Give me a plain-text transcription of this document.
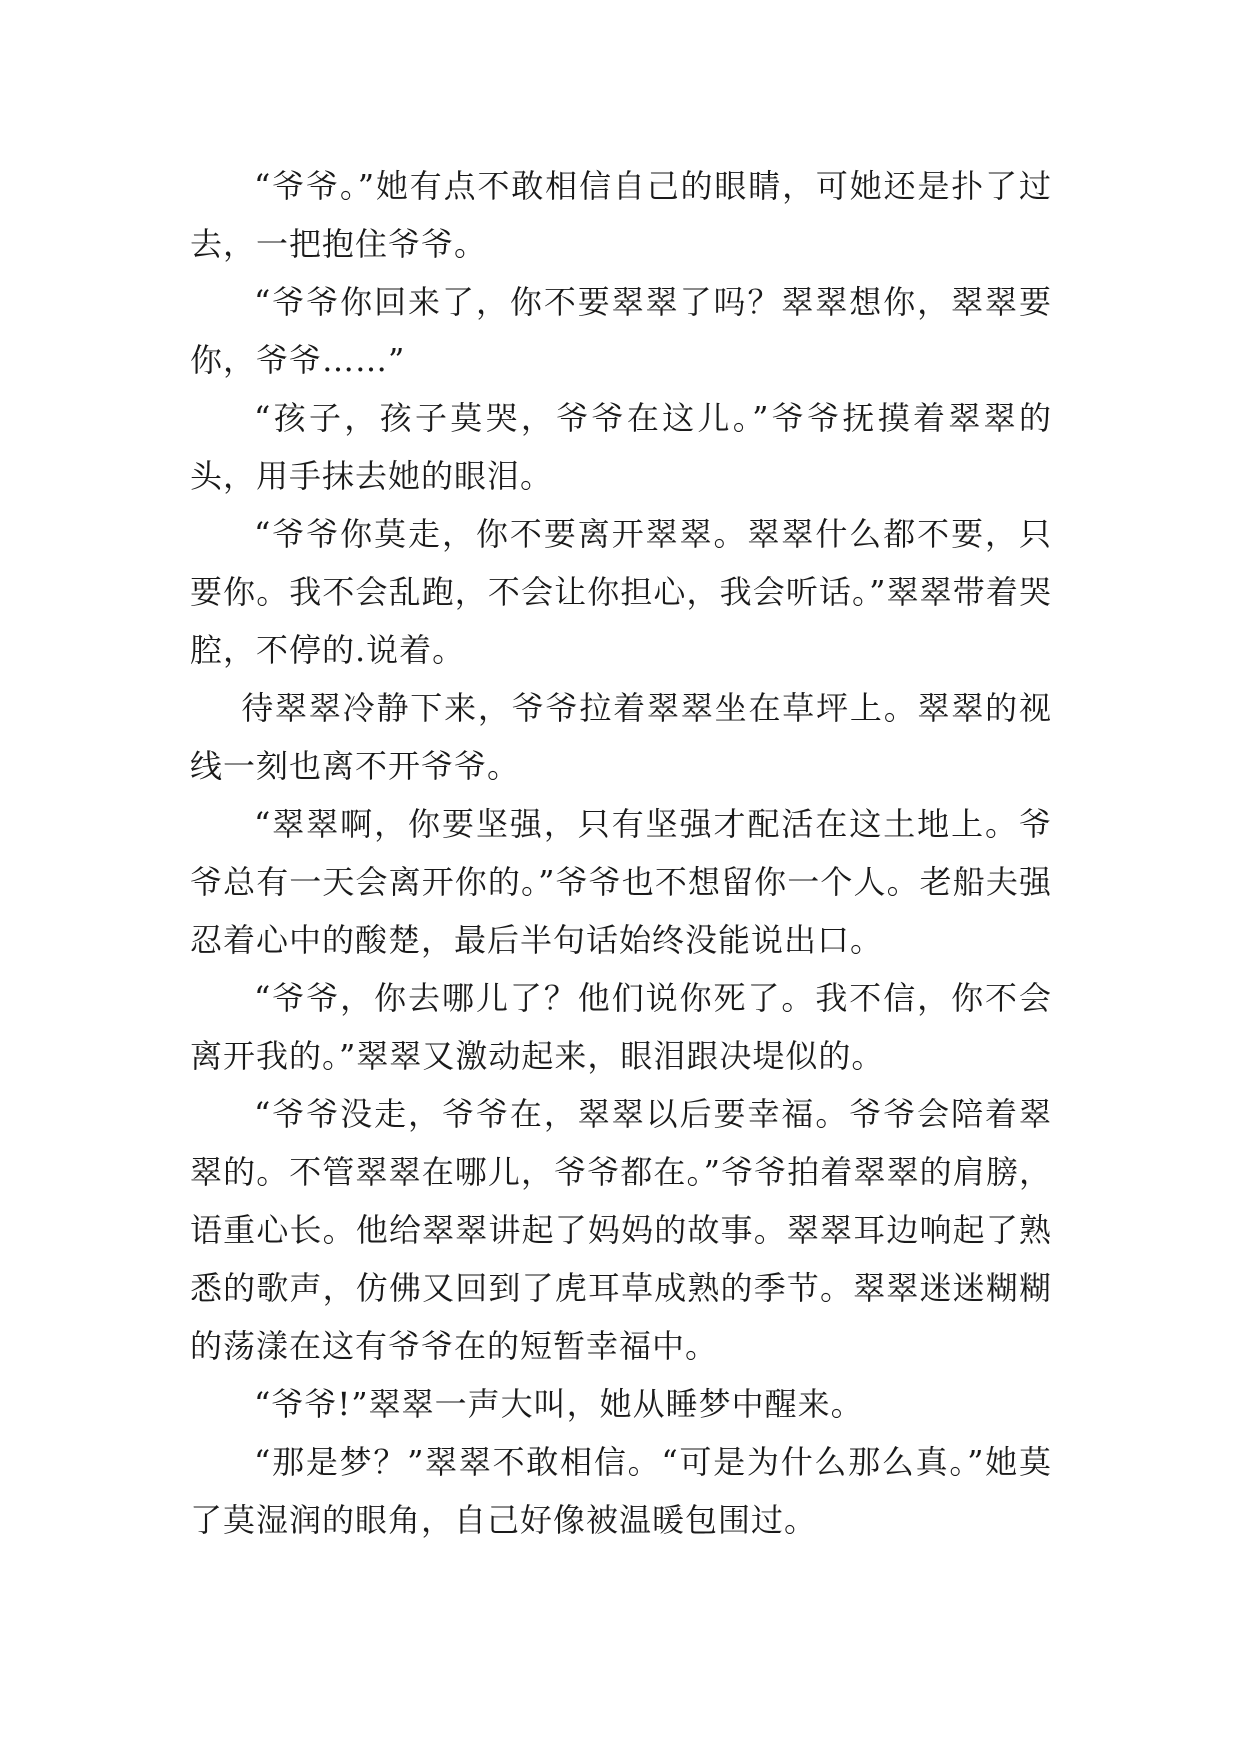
“爷爷。”她有点不敢相信自己的眼睛，可她还是扑了过去，一把抱住爷爷。

“爷爷你回来了，你不要翠翠了吗？翠翠想你，翠翠要你，爷爷……”

“孩子，孩子莫哭，爷爷在这儿。”爷爷抚摸着翠翠的头，用手抹去她的眼泪。

“爷爷你莫走，你不要离开翠翠。翠翠什么都不要，只要你。我不会乱跑，不会让你担心，我会听话。”翠翠带着哭腔，不停的.说着。

待翠翠冷静下来，爷爷拉着翠翠坐在草坪上。翠翠的视线一刻也离不开爷爷。

“翠翠啊，你要坚强，只有坚强才配活在这土地上。爷爷总有一天会离开你的。”爷爷也不想留你一个人。老船夫强忍着心中的酸楚，最后半句话始终没能说出口。

“爷爷，你去哪儿了？他们说你死了。我不信，你不会离开我的。”翠翠又激动起来，眼泪跟决堤似的。

“爷爷没走，爷爷在，翠翠以后要幸福。爷爷会陪着翠翠的。不管翠翠在哪儿，爷爷都在。”爷爷拍着翠翠的肩膀，语重心长。他给翠翠讲起了妈妈的故事。翠翠耳边响起了熟悉的歌声，仿佛又回到了虎耳草成熟的季节。翠翠迷迷糊糊的荡漾在这有爷爷在的短暂幸福中。

“爷爷!”翠翠一声大叫，她从睡梦中醒来。

“那是梦？”翠翠不敢相信。“可是为什么那么真。”她莫了莫湿润的眼角，自己好像被温暖包围过。
